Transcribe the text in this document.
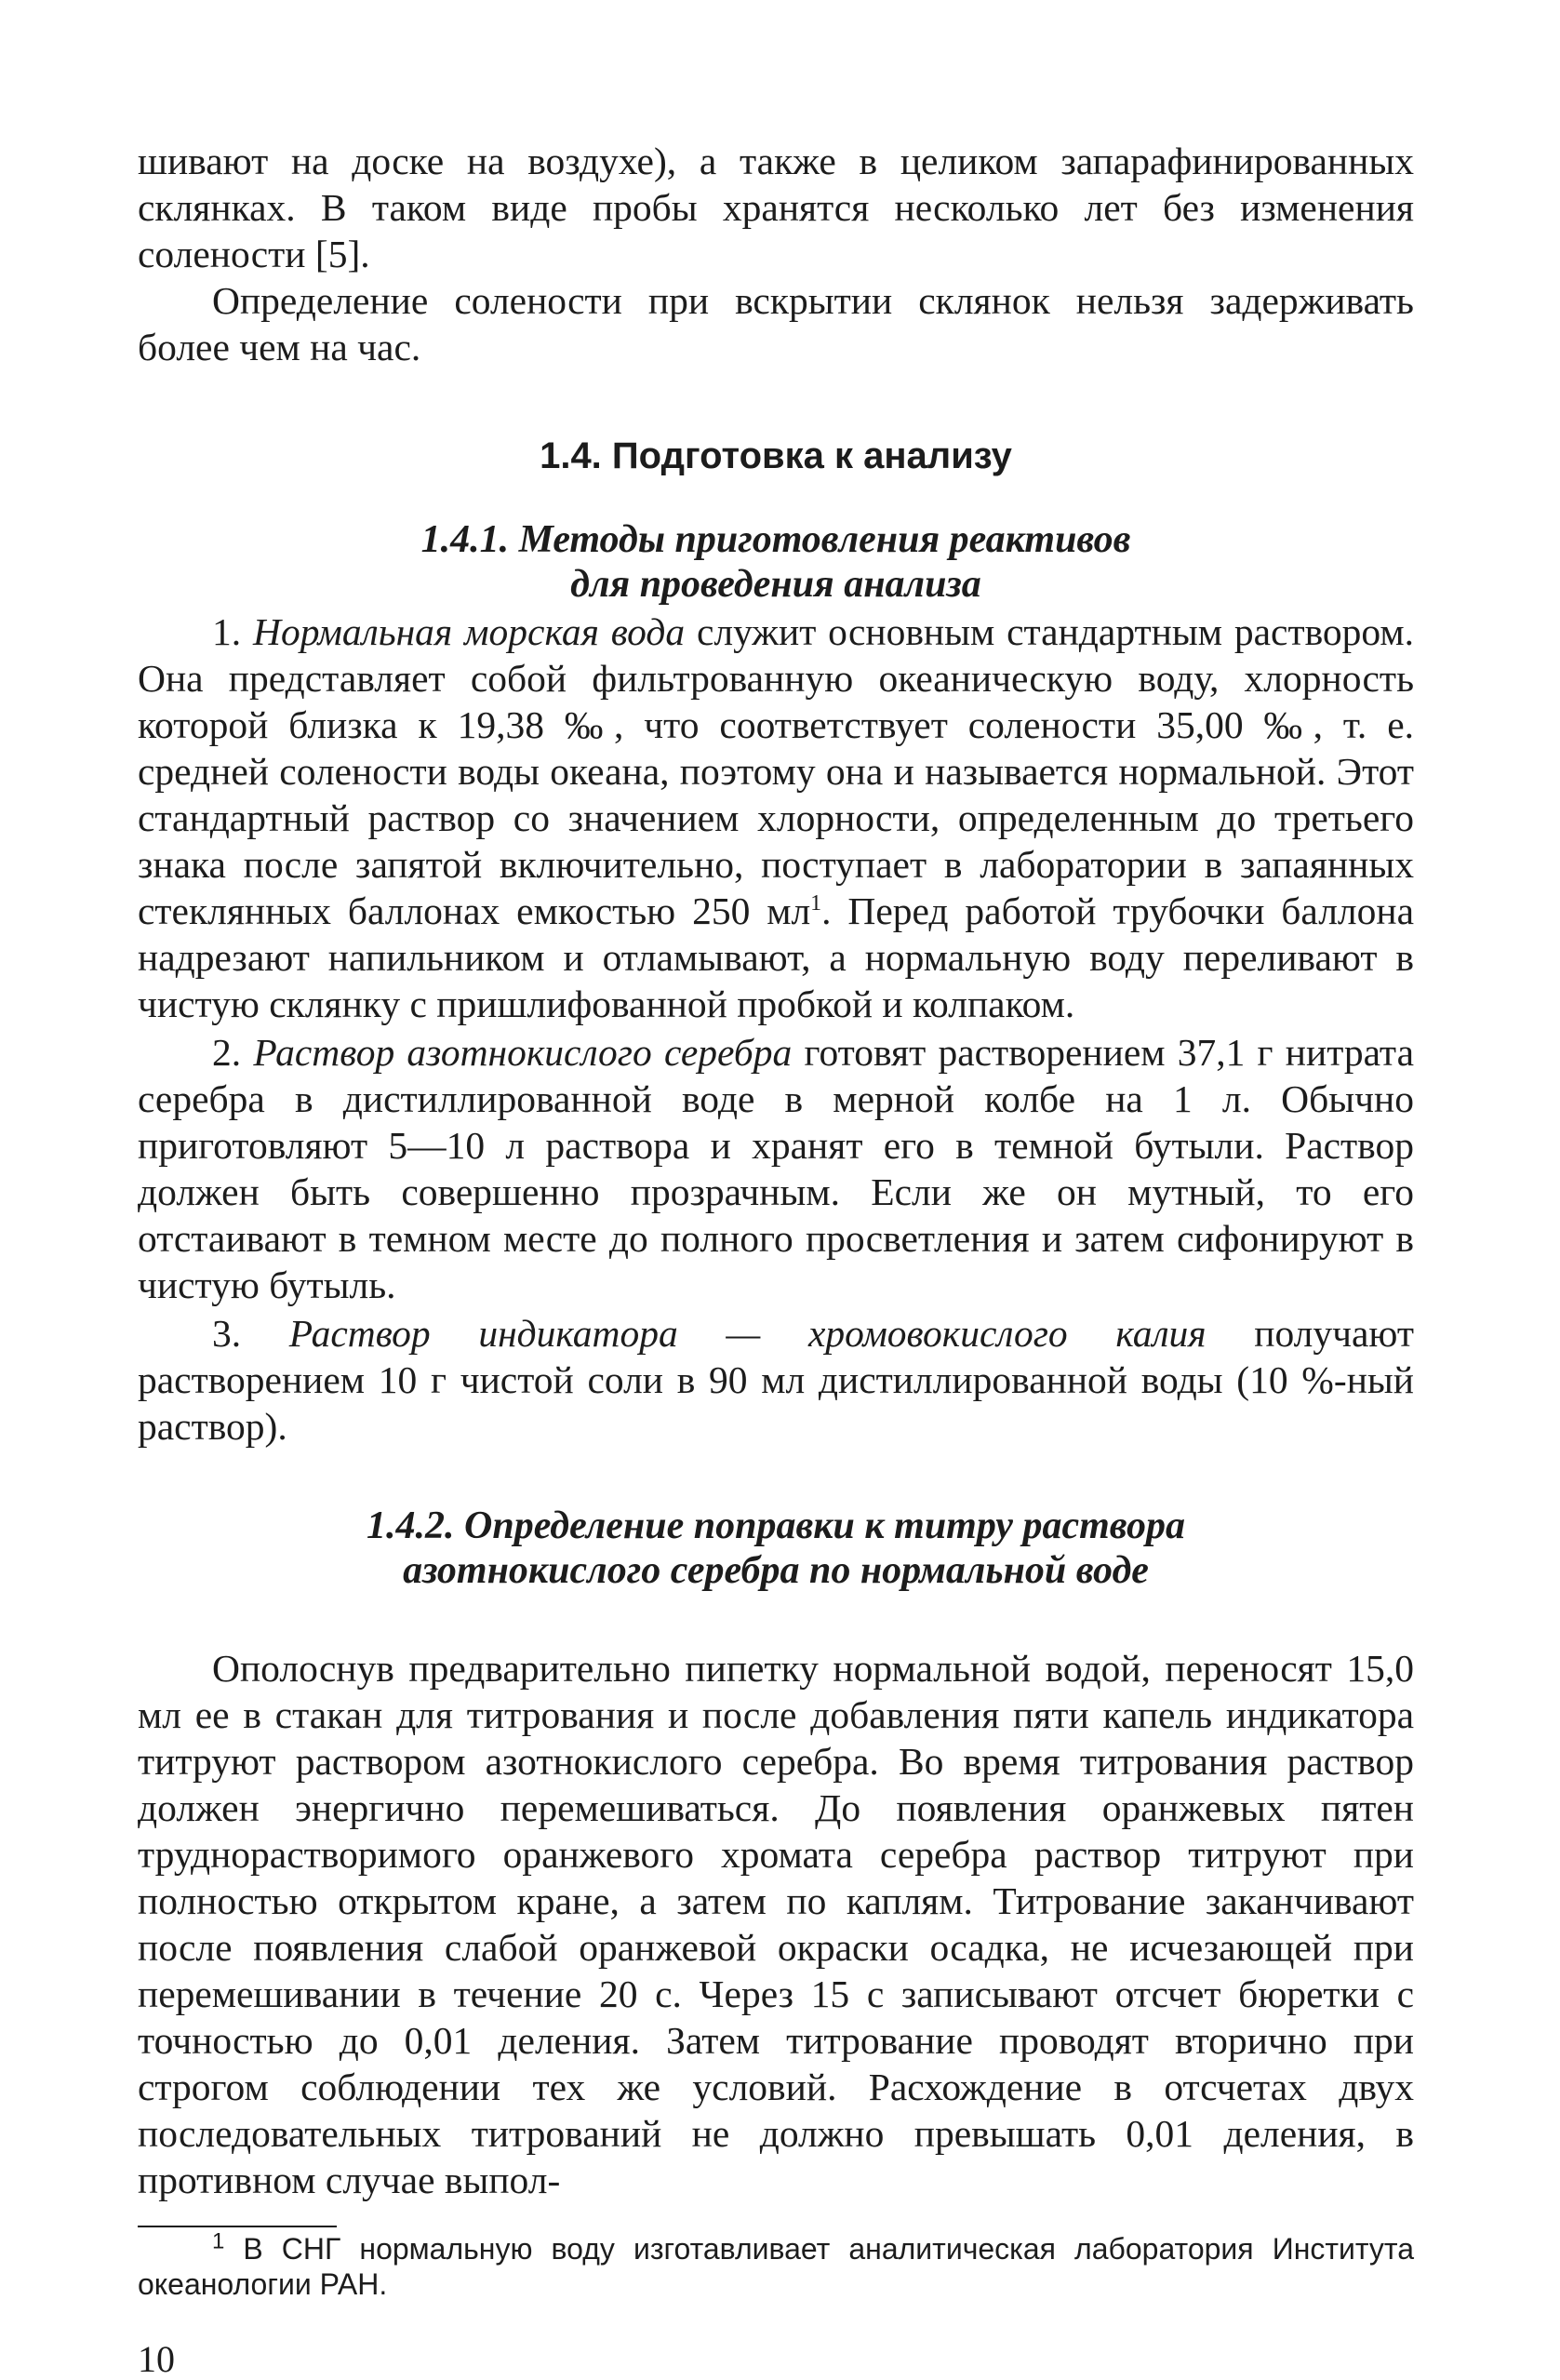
шивают на доске на воздухе), а также в целиком запарафинированных склянках. В таком виде пробы хранятся несколько лет без изменения солености [5].

Определение солености при вскрытии склянок нельзя задерживать более чем на час.

1.4. Подготовка к анализу
1.4.1. Методы приготовления реактивов
для проведения анализа

1. Нормальная морская вода служит основным стандартным раствором. Она представляет собой фильтрованную океаническую воду, хлорность которой близка к 19,38 ‰, что соответствует солености 35,00 ‰, т. е. средней солености воды океана, поэтому она и называется нормальной. Этот стандартный раствор со значением хлорности, определенным до третьего знака после запятой включительно, поступает в лаборатории в запаянных стеклянных баллонах емкостью 250 $мл^1$. Перед работой трубочки баллона надрезают напильником и отламывают, а нормальную воду переливают в чистую склянку с пришлифованной пробкой и колпаком.

2. Раствор азотнокислого серебра готовят растворением 37,1 г нитрата серебра в дистиллированной воде в мерной колбе на 1 л. Обычно приготовляют 5—10 л раствора и хранят его в темной бутыли. Раствор должен быть совершенно прозрачным. Если же он мутный, то его отстаивают в темном месте до полного просветления и затем сифонируют в чистую бутыль.

3. Раствор индикатора — хромовокислого калия получают растворением 10 г чистой соли в 90 мл дистиллированной воды (10 %-ный раствор).

1.4.2. Определение поправки к титру раствора
азотнокислого серебра по нормальной воде

Ополоснув предварительно пипетку нормальной водой, переносят 15,0 мл ее в стакан для титрования и после добавления пяти капель индикатора титруют раствором азотнокислого серебра. Во время титрования раствор должен энергично перемешиваться. До появления оранжевых пятен труднорастворимого оранжевого хромата серебра раствор титруют при полностью открытом кране, а затем по каплям. Титрование заканчивают после появления слабой оранжевой окраски осадка, не исчезающей при перемешивании в течение 20 с. Через 15 с записывают отсчет бюретки с точностью до 0,01 деления. Затем титрование проводят вторично при строгом соблюдении тех же условий. Расхождение в отсчетах двух последовательных титрований не должно превышать 0,01 деления, в противном случае выпол-

$^1$ В СНГ нормальную воду изготавливает аналитическая лаборатория Института океанологии РАН.

10
